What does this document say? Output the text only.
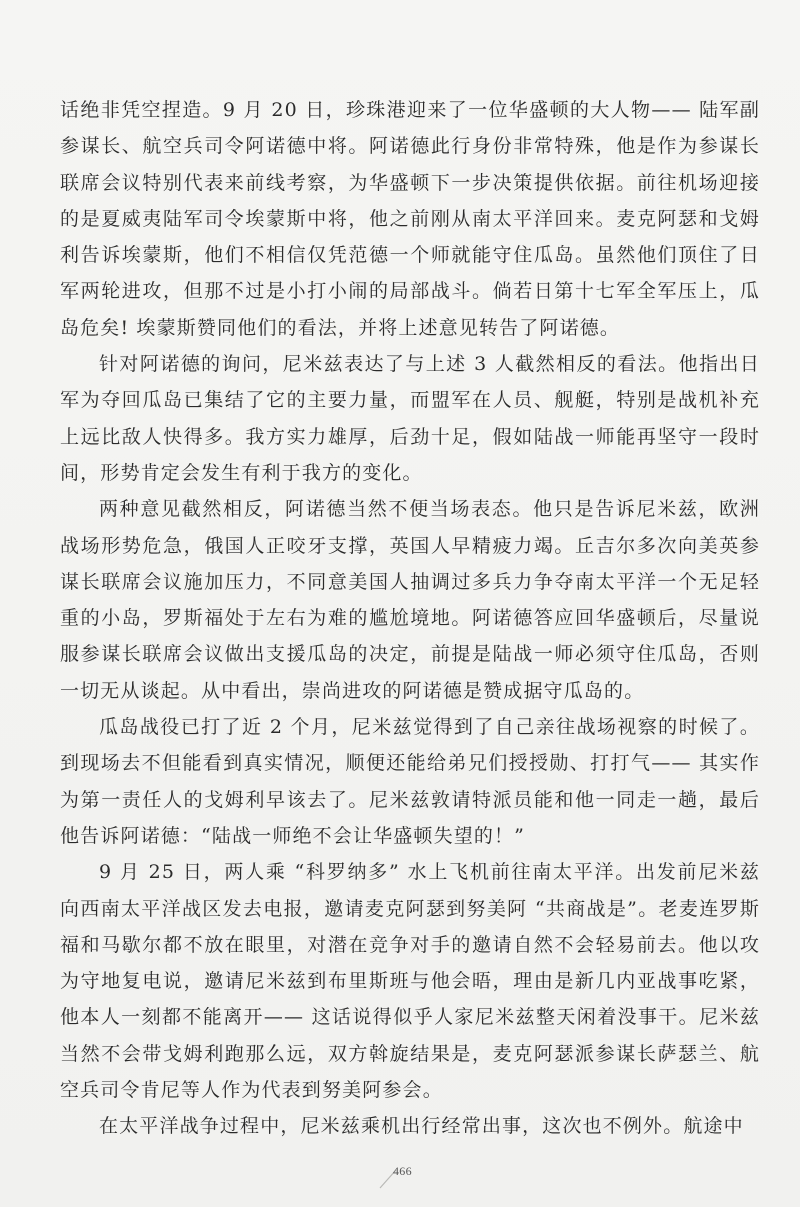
话绝非凭空捏造。9 月 20 日，珍珠港迎来了一位华盛顿的大人物—— 陆军副参谋长、航空兵司令阿诺德中将。阿诺德此行身份非常特殊，他是作为参谋长联席会议特别代表来前线考察，为华盛顿下一步决策提供依据。前往机场迎接的是夏威夷陆军司令埃蒙斯中将，他之前刚从南太平洋回来。麦克阿瑟和戈姆利告诉埃蒙斯，他们不相信仅凭范德一个师就能守住瓜岛。虽然他们顶住了日军两轮进攻，但那不过是小打小闹的局部战斗。倘若日第十七军全军压上，瓜岛危矣! 埃蒙斯赞同他们的看法，并将上述意见转告了阿诺德。

针对阿诺德的询问，尼米兹表达了与上述 3 人截然相反的看法。他指出日军为夺回瓜岛已集结了它的主要力量，而盟军在人员、舰艇，特别是战机补充上远比敌人快得多。我方实力雄厚，后劲十足，假如陆战一师能再坚守一段时间，形势肯定会发生有利于我方的变化。

两种意见截然相反，阿诺德当然不便当场表态。他只是告诉尼米兹，欧洲战场形势危急，俄国人正咬牙支撑，英国人早精疲力竭。丘吉尔多次向美英参谋长联席会议施加压力，不同意美国人抽调过多兵力争夺南太平洋一个无足轻重的小岛，罗斯福处于左右为难的尴尬境地。阿诺德答应回华盛顿后，尽量说服参谋长联席会议做出支援瓜岛的决定，前提是陆战一师必须守住瓜岛，否则一切无从谈起。从中看出，崇尚进攻的阿诺德是赞成据守瓜岛的。

瓜岛战役已打了近 2 个月，尼米兹觉得到了自己亲往战场视察的时候了。到现场去不但能看到真实情况，顺便还能给弟兄们授授勋、打打气—— 其实作为第一责任人的戈姆利早该去了。尼米兹敦请特派员能和他一同走一趟，最后他告诉阿诺德：“陆战一师绝不会让华盛顿失望的！”

9 月 25 日，两人乘 “科罗纳多” 水上飞机前往南太平洋。出发前尼米兹向西南太平洋战区发去电报，邀请麦克阿瑟到努美阿 “共商战是”。老麦连罗斯福和马歇尔都不放在眼里，对潜在竞争对手的邀请自然不会轻易前去。他以攻为守地复电说，邀请尼米兹到布里斯班与他会晤，理由是新几内亚战事吃紧，他本人一刻都不能离开—— 这话说得似乎人家尼米兹整天闲着没事干。尼米兹当然不会带戈姆利跑那么远，双方斡旋结果是，麦克阿瑟派参谋长萨瑟兰、航空兵司令肯尼等人作为代表到努美阿参会。

在太平洋战争过程中，尼米兹乘机出行经常出事，这次也不例外。航途中

466
